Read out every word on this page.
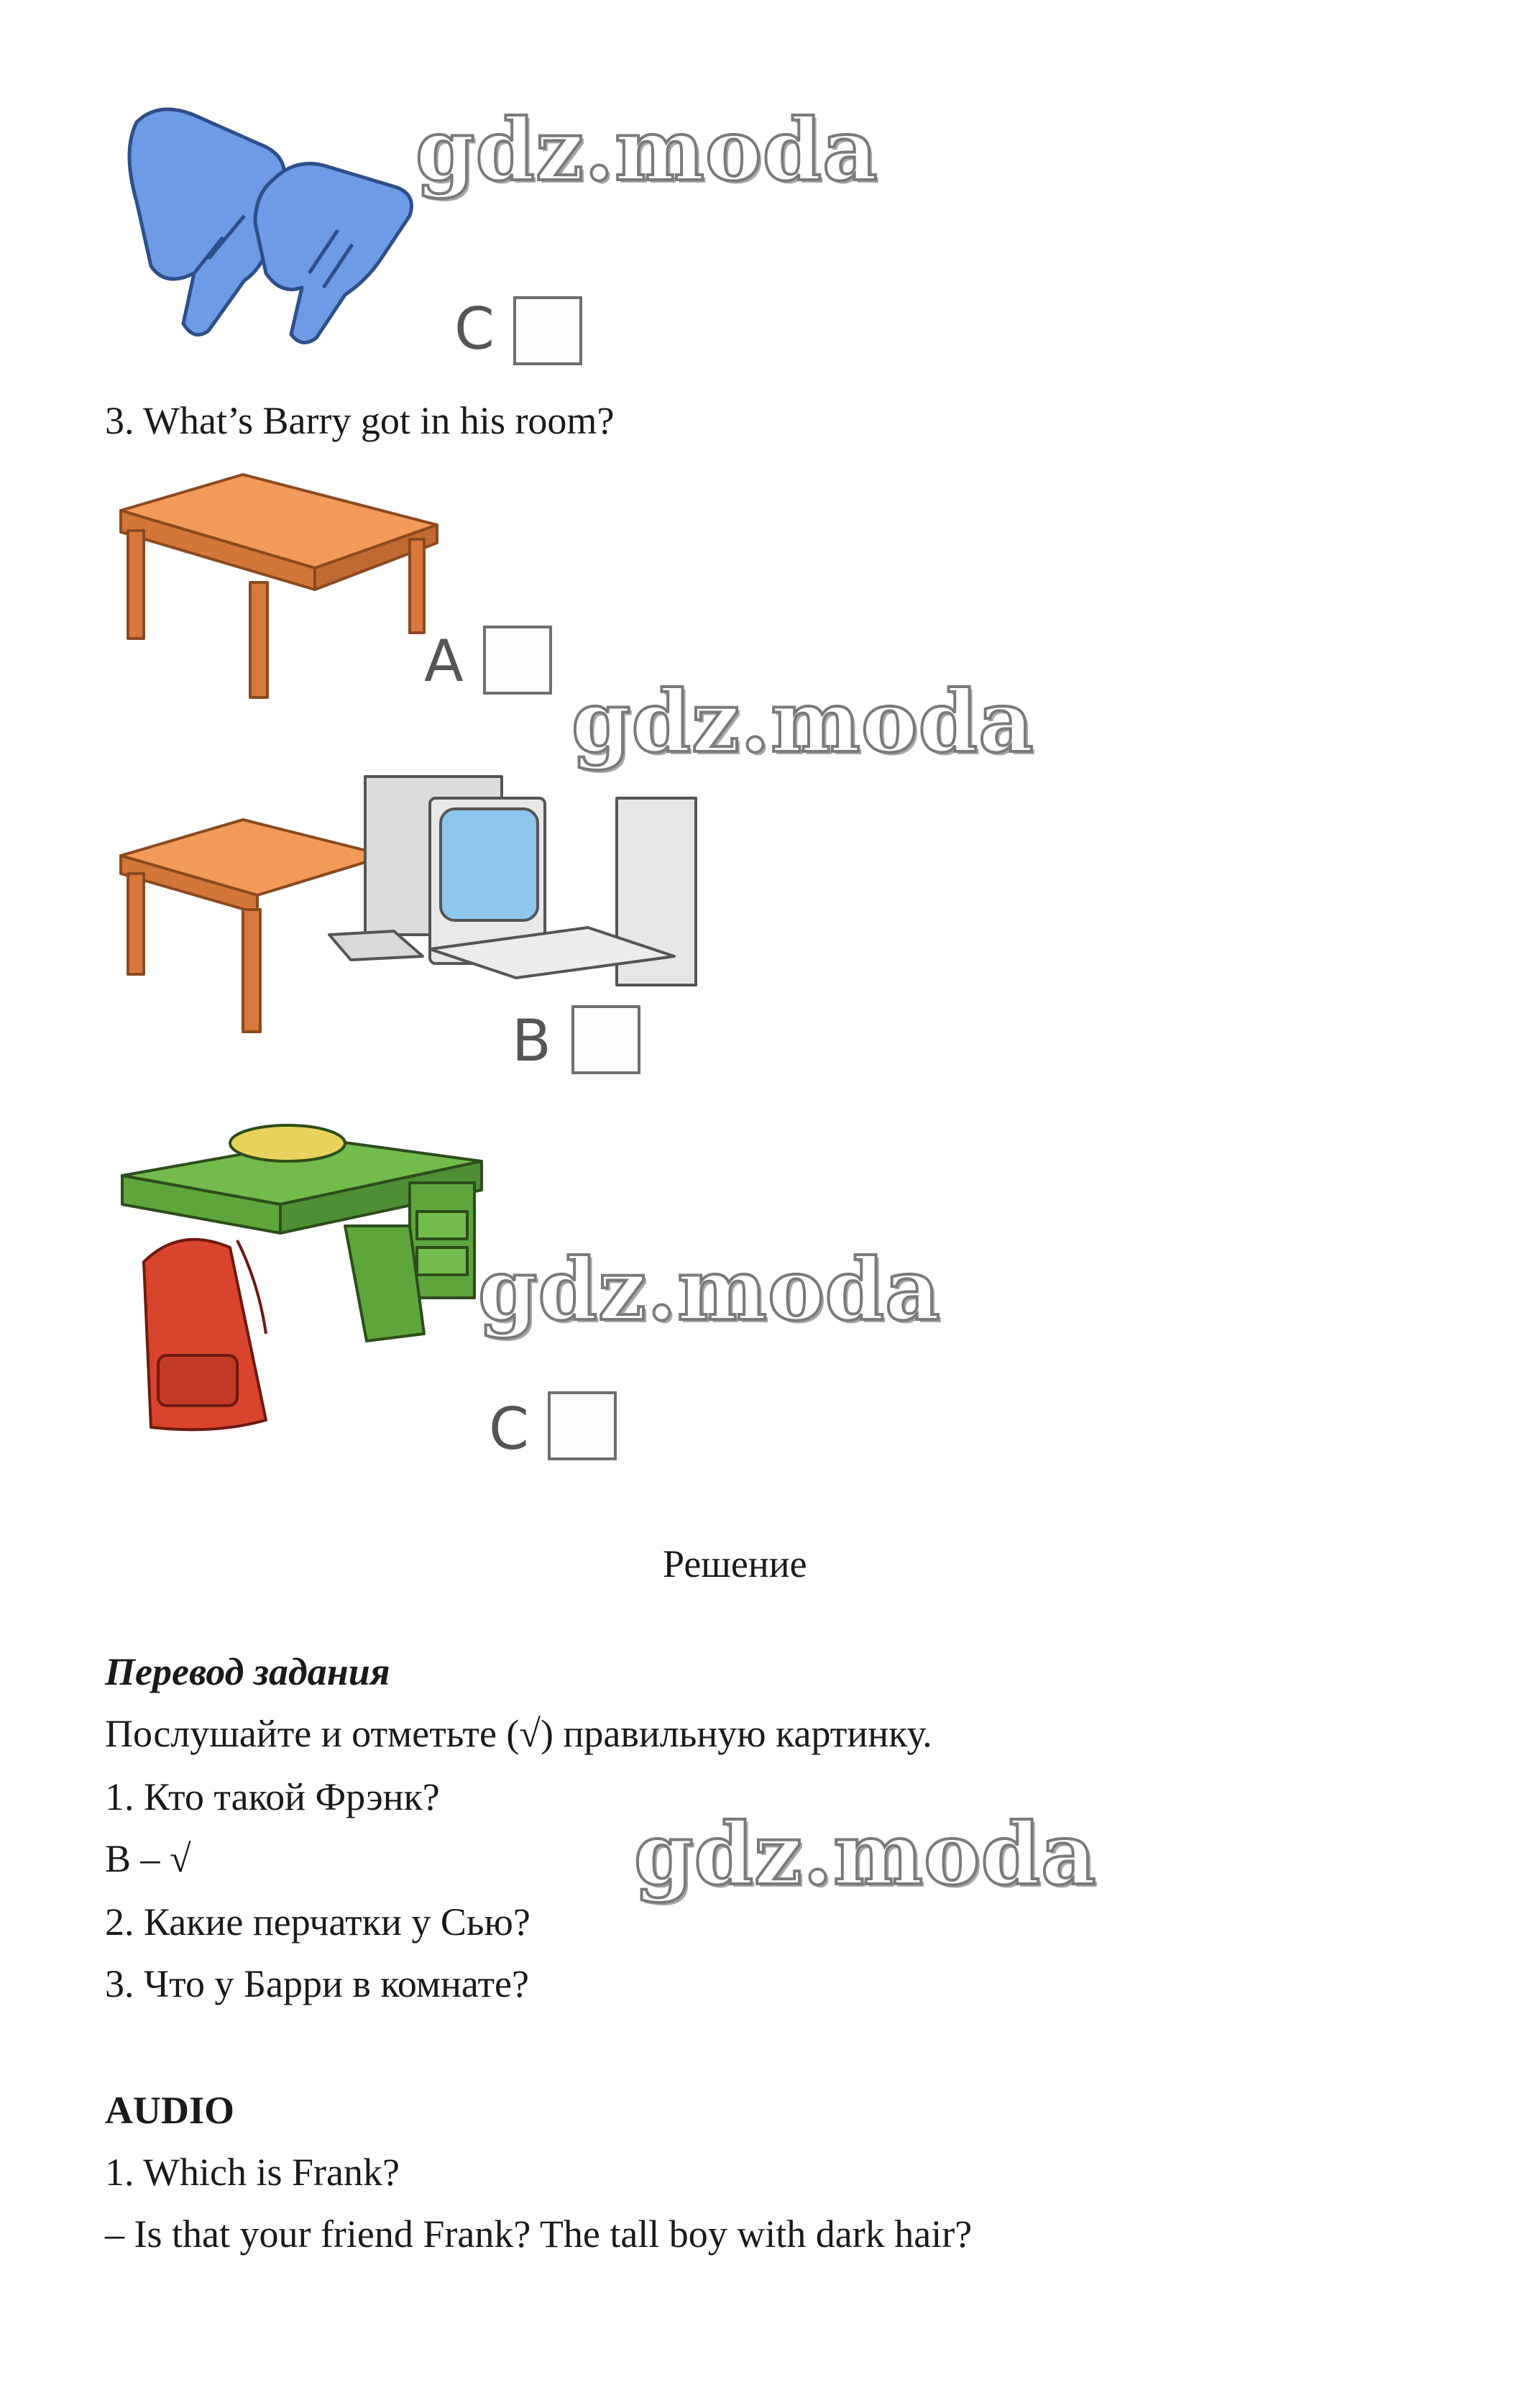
gdz.moda
C
3. What’s Barry got in his room?
A
gdz.moda
B
gdz.moda
C
Решение
Перевод задания
Послушайте и отметьте (√) правильную картинку.
1. Кто такой Фрэнк?
B – √	gdz.moda
2. Какие перчатки у Сью?
3. Что у Барри в комнате?
AUDIO
1. Which is Frank?
– Is that your friend Frank? The tall boy with dark hair?
